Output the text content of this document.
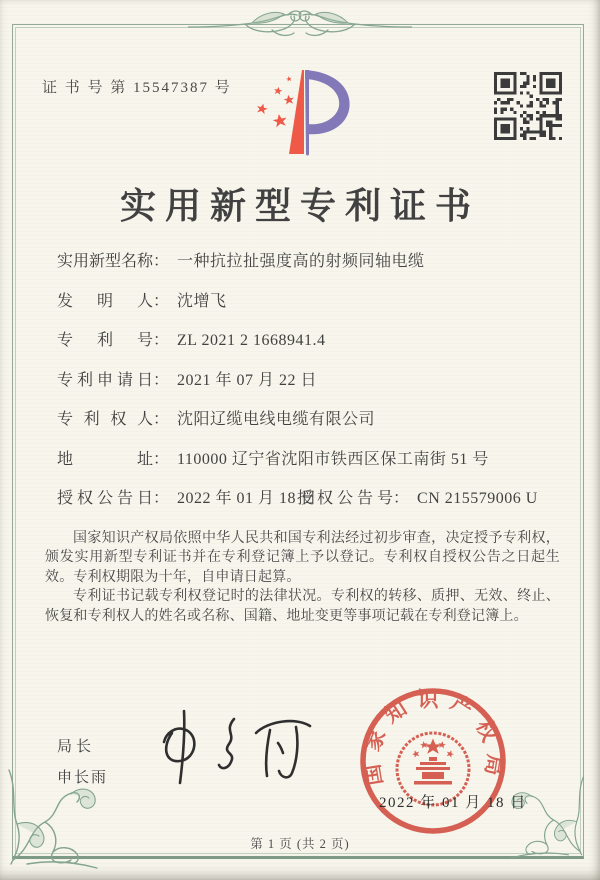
证 书 号 第 15547387 号
实用新型专利证书
实用新型名称： 一种抗拉扯强度高的射频同轴电缆
发明人： 沈增飞
专利号： ZL 2021 2 1668941.4
专利申请日： 2021 年 07 月 22 日
专利权人： 沈阳辽缆电线电缆有限公司
地址： 110000 辽宁省沈阳市铁西区保工南街 51 号
授权公告日： 2022 年 01 月 18 日
授权公告号： CN 215579006 U

国家知识产权局依照中华人民共和国专利法经过初步审查，决定授予专利权，颁发实用新型专利证书并在专利登记簿上予以登记。专利权自授权公告之日起生效。专利权期限为十年，自申请日起算。

专利证书记载专利权登记时的法律状况。专利权的转移、质押、无效、终止、恢复和专利权人的姓名或名称、国籍、地址变更等事项记载在专利登记簿上。

局长
申长雨	国家知识产权局
2022 年 01 月 18 日
第 1 页 (共 2 页)
